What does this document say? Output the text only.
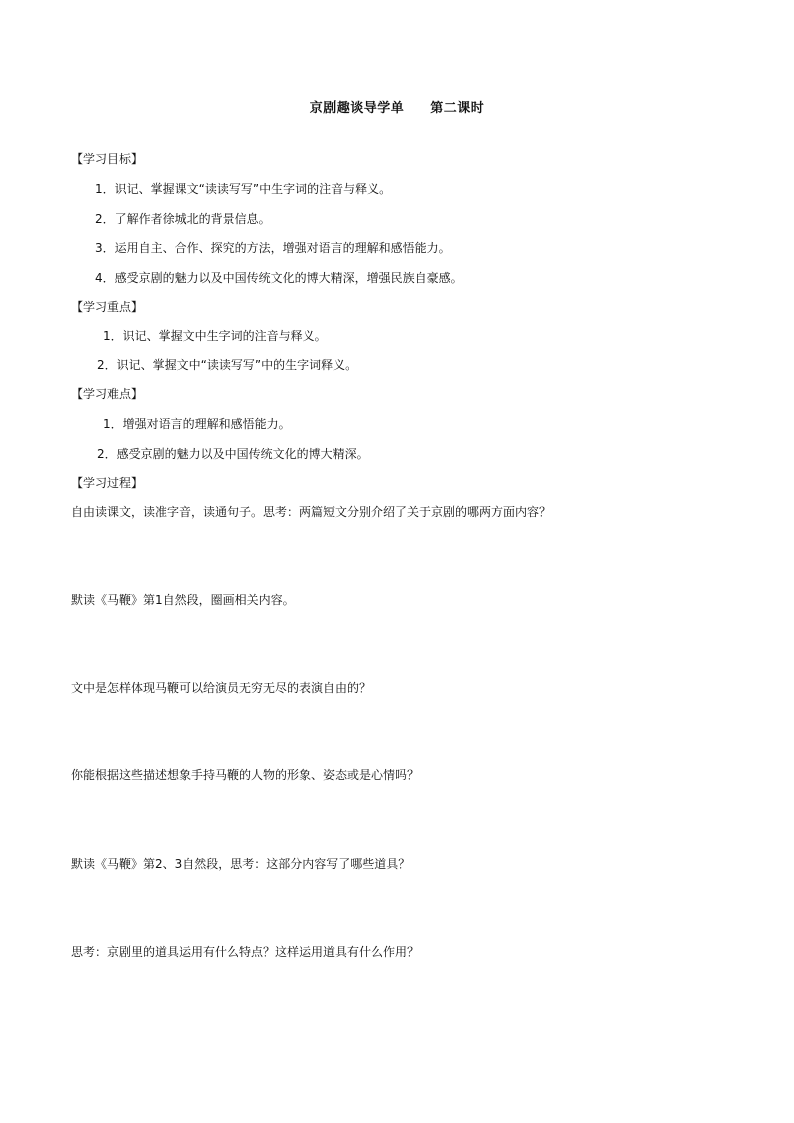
京剧趣谈导学单 第二课时
【学习目标】
1．识记、掌握课文“读读写写”中生字词的注音与释义。
2．了解作者徐城北的背景信息。
3．运用自主、合作、探究的方法，增强对语言的理解和感悟能力。
4．感受京剧的魅力以及中国传统文化的博大精深，增强民族自豪感。
【学习重点】
1．识记、掌握文中生字词的注音与释义。
2．识记、掌握文中“读读写写”中的生字词释义。
【学习难点】
1．增强对语言的理解和感悟能力。
2．感受京剧的魅力以及中国传统文化的博大精深。
【学习过程】
自由读课文，读准字音，读通句子。思考：两篇短文分别介绍了关于京剧的哪两方面内容？
默读《马鞭》第1自然段，圈画相关内容。
文中是怎样体现马鞭可以给演员无穷无尽的表演自由的？
你能根据这些描述想象手持马鞭的人物的形象、姿态或是心情吗？
默读《马鞭》第2、3自然段，思考：这部分内容写了哪些道具？
思考：京剧里的道具运用有什么特点？这样运用道具有什么作用？
